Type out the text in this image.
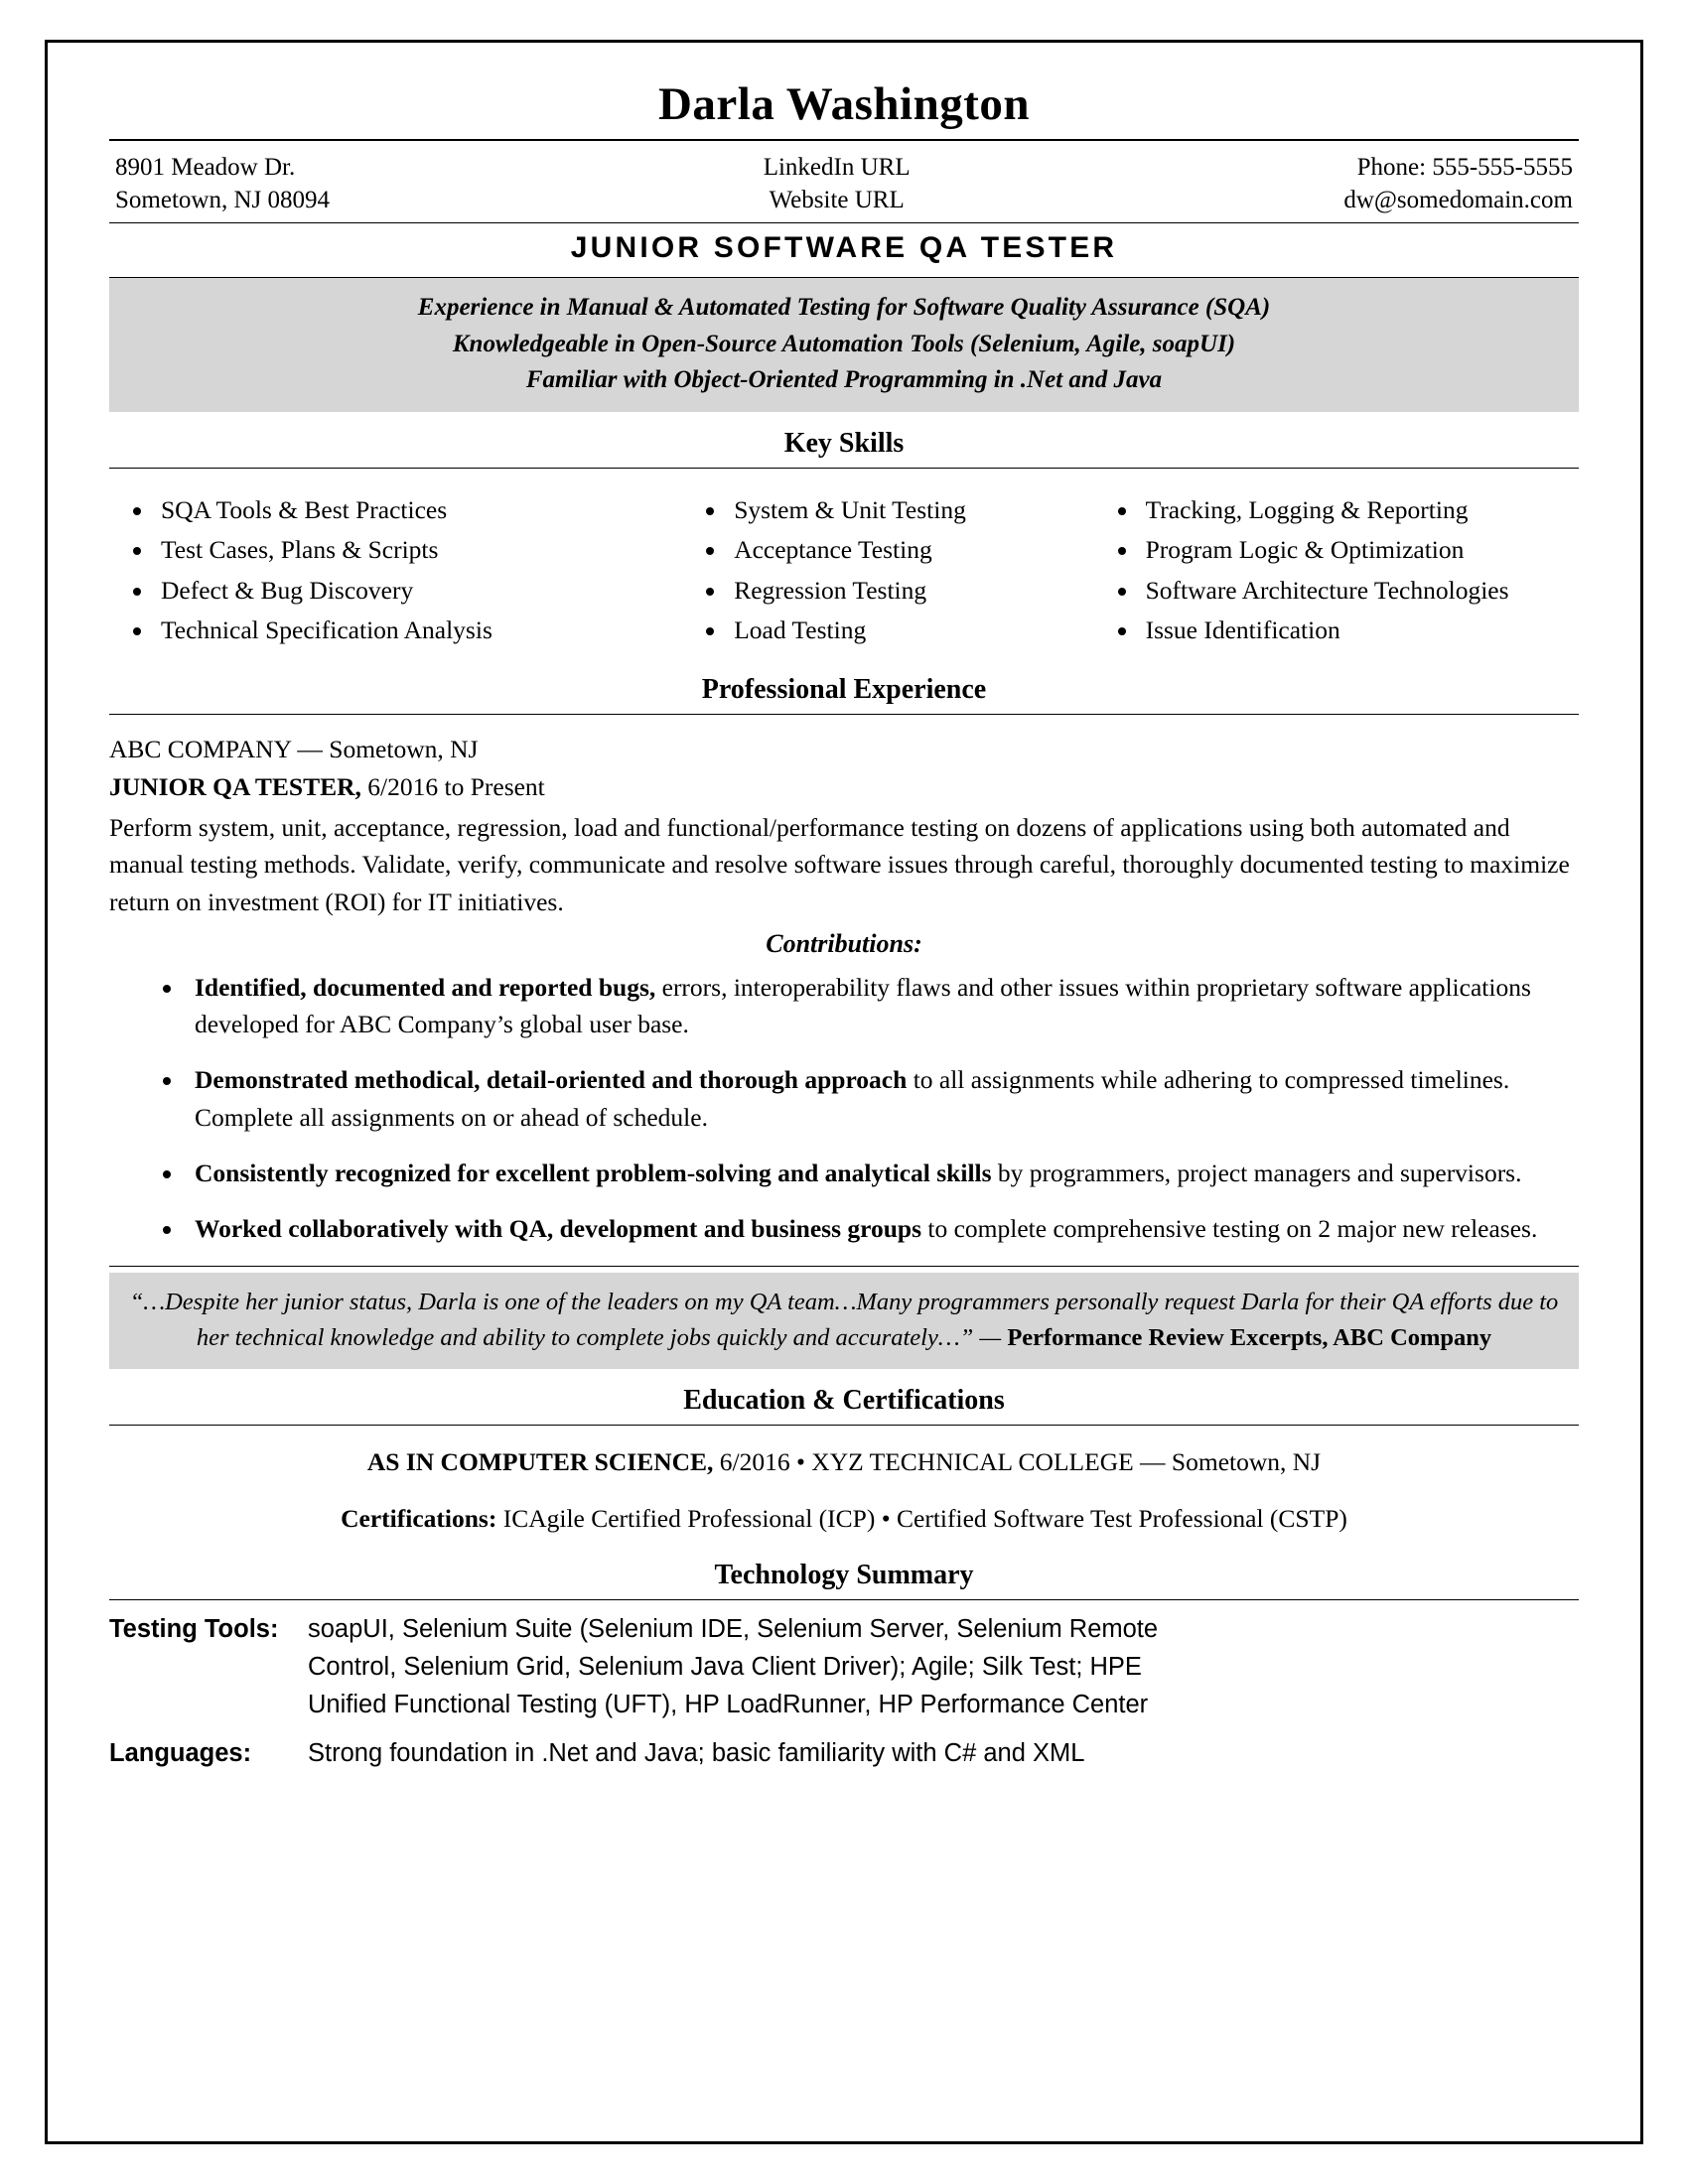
Darla Washington
8901 Meadow Dr.
Sometown, NJ 08094
LinkedIn URL
Website URL
Phone: 555-555-5555
dw@somedomain.com
JUNIOR SOFTWARE QA TESTER
Experience in Manual & Automated Testing for Software Quality Assurance (SQA)
Knowledgeable in Open-Source Automation Tools (Selenium, Agile, soapUI)
Familiar with Object-Oriented Programming in .Net and Java
Key Skills
• SQA Tools & Best Practices
• Test Cases, Plans & Scripts
• Defect & Bug Discovery
• Technical Specification Analysis
• System & Unit Testing
• Acceptance Testing
• Regression Testing
• Load Testing
• Tracking, Logging & Reporting
• Program Logic & Optimization
• Software Architecture Technologies
• Issue Identification
Professional Experience
ABC COMPANY — Sometown, NJ
JUNIOR QA TESTER, 6/2016 to Present
Perform system, unit, acceptance, regression, load and functional/performance testing on dozens of applications using both automated and manual testing methods. Validate, verify, communicate and resolve software issues through careful, thoroughly documented testing to maximize return on investment (ROI) for IT initiatives.
Contributions:
• Identified, documented and reported bugs, errors, interoperability flaws and other issues within proprietary software applications developed for ABC Company’s global user base.
• Demonstrated methodical, detail-oriented and thorough approach to all assignments while adhering to compressed timelines. Complete all assignments on or ahead of schedule.
• Consistently recognized for excellent problem-solving and analytical skills by programmers, project managers and supervisors.
• Worked collaboratively with QA, development and business groups to complete comprehensive testing on 2 major new releases.
“…Despite her junior status, Darla is one of the leaders on my QA team…Many programmers personally request Darla for their QA efforts due to her technical knowledge and ability to complete jobs quickly and accurately…” — Performance Review Excerpts, ABC Company
Education & Certifications
AS IN COMPUTER SCIENCE, 6/2016 • XYZ TECHNICAL COLLEGE — Sometown, NJ
Certifications: ICAgile Certified Professional (ICP) • Certified Software Test Professional (CSTP)
Technology Summary
Testing Tools:	soapUI, Selenium Suite (Selenium IDE, Selenium Server, Selenium Remote
Control, Selenium Grid, Selenium Java Client Driver); Agile; Silk Test; HPE
Unified Functional Testing (UFT), HP LoadRunner, HP Performance Center
Languages:	Strong foundation in .Net and Java; basic familiarity with C# and XML
